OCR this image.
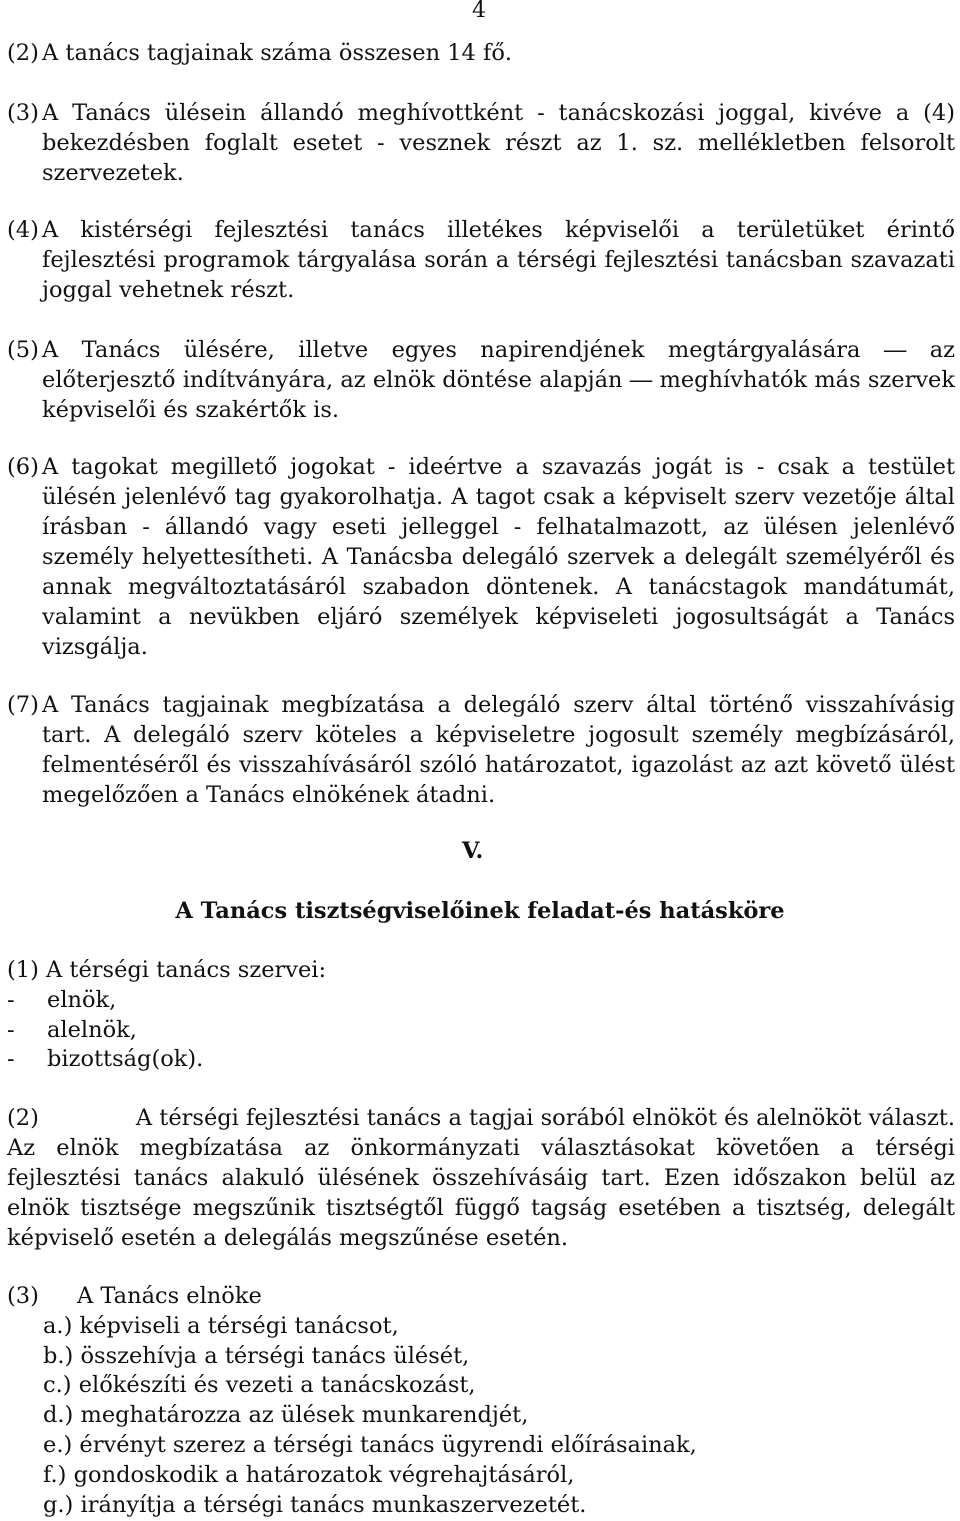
4
(2) A tanács tagjainak száma összesen 14 fő.
(3) A Tanács ülésein állandó meghívottként - tanácskozási joggal, kivéve a (4) bekezdésben foglalt esetet - vesznek részt az 1. sz. mellékletben felsorolt szervezetek.
(4) A kistérségi fejlesztési tanács illetékes képviselői a területüket érintő fejlesztési programok tárgyalása során a térségi fejlesztési tanácsban szavazati joggal vehetnek részt.
(5) A Tanács ülésére, illetve egyes napirendjének megtárgyalására ― az előterjesztő indítványára, az elnök döntése alapján ― meghívhatók más szervek képviselői és szakértők is.
(6) A tagokat megillető jogokat - ideértve a szavazás jogát is - csak a testület ülésén jelenlévő tag gyakorolhatja. A tagot csak a képviselt szerv vezetője által írásban - állandó vagy eseti jelleggel - felhatalmazott, az ülésen jelenlévő személy helyettesítheti. A Tanácsba delegáló szervek a delegált személyéről és annak megváltoztatásáról szabadon döntenek. A tanácstagok mandátumát, valamint a nevükben eljáró személyek képviseleti jogosultságát a Tanács vizsgálja.
(7) A Tanács tagjainak megbízatása a delegáló szerv által történő visszahívásig tart. A delegáló szerv köteles a képviseletre jogosult személy megbízásáról, felmentéséről és visszahívásáról szóló határozatot, igazolást az azt követő ülést megelőzően a Tanács elnökének átadni.
V.
A Tanács tisztségviselőinek feladat-és hatásköre
(1) A térségi tanács szervei:
- elnök,
- alelnök,
- bizottság(ok).
(2)	A térségi fejlesztési tanács a tagjai sorából elnököt és alelnököt választ.
Az elnök megbízatása az önkormányzati választásokat követően a térségi fejlesztési tanács alakuló ülésének összehívásáig tart. Ezen időszakon belül az elnök tisztsége megszűnik tisztségtől függő tagság esetében a tisztség, delegált képviselő esetén a delegálás megszűnése esetén.
(3) A Tanács elnöke
a.) képviseli a térségi tanácsot,
b.) összehívja a térségi tanács ülését,
c.) előkészíti és vezeti a tanácskozást,
d.) meghatározza az ülések munkarendjét,
e.) érvényt szerez a térségi tanács ügyrendi előírásainak,
f.) gondoskodik a határozatok végrehajtásáról,
g.) irányítja a térségi tanács munkaszervezetét.
